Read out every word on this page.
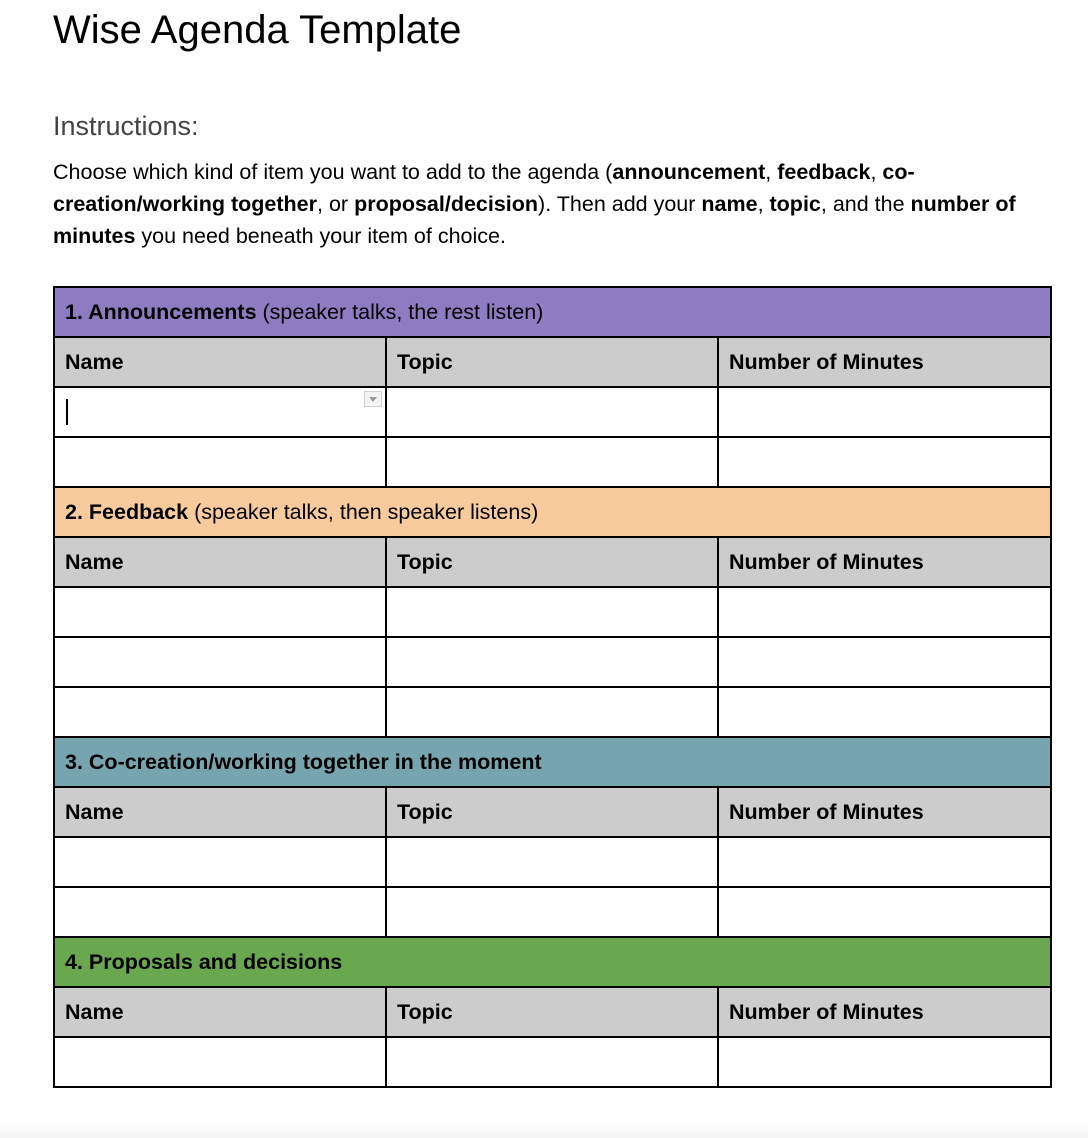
Wise Agenda Template
Instructions:
Choose which kind of item you want to add to the agenda (announcement, feedback, co-creation/working together, or proposal/decision). Then add your name, topic, and the number of minutes you need beneath your item of choice.
1. Announcements (speaker talks, the rest listen)		
Name	Topic	Number of Minutes

2. Feedback (speaker talks, then speaker listens)		
Name	Topic	Number of Minutes

3. Co-creation/working together in the moment		
Name	Topic	Number of Minutes

4. Proposals and decisions		
Name	Topic	Number of Minutes
